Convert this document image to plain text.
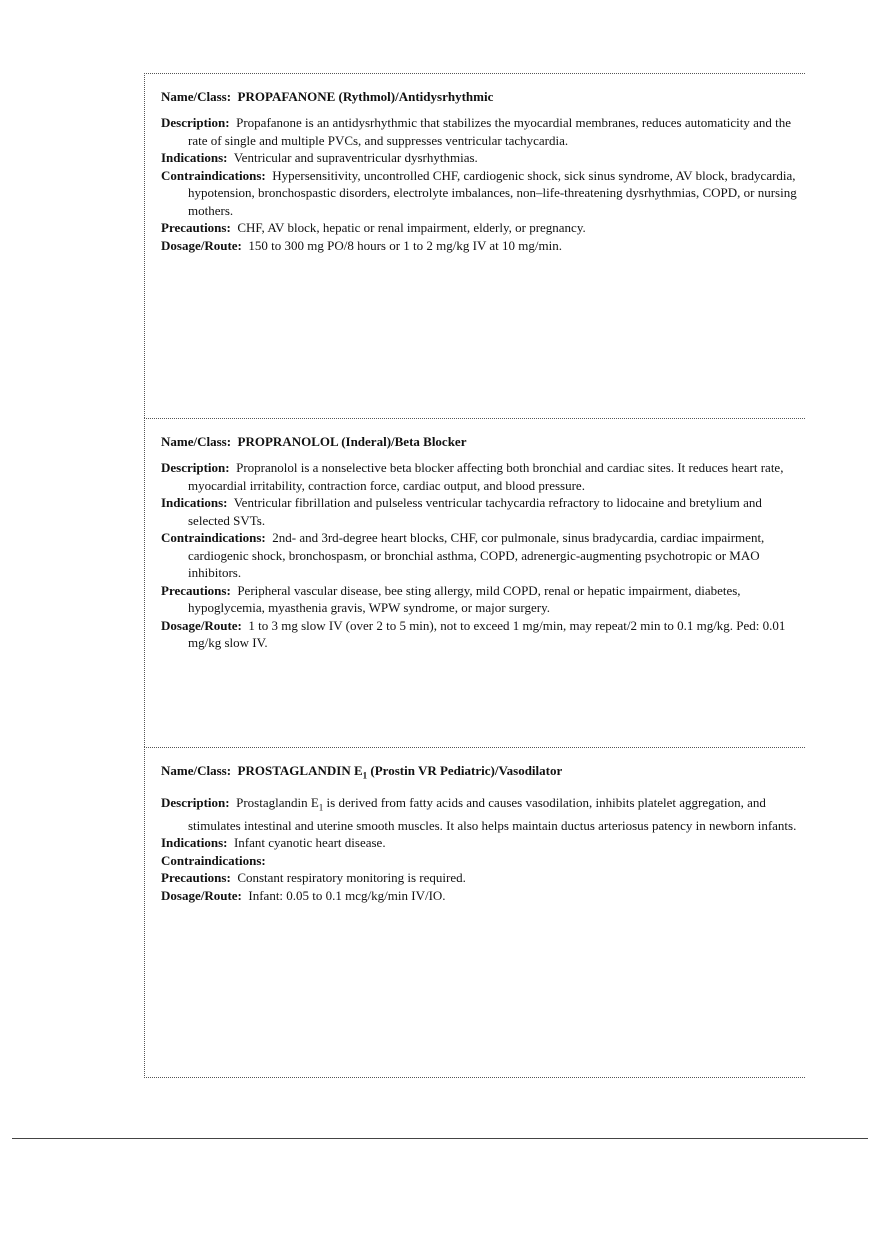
Name/Class: PROPAFANONE (Rythmol)/Antidysrhythmic

Description: Propafanone is an antidysrhythmic that stabilizes the myocardial membranes, reduces automaticity and the rate of single and multiple PVCs, and suppresses ventricular tachycardia.

Indications: Ventricular and supraventricular dysrhythmias.

Contraindications: Hypersensitivity, uncontrolled CHF, cardiogenic shock, sick sinus syndrome, AV block, bradycardia, hypotension, bronchospastic disorders, electrolyte imbalances, non–life-threatening dysrhythmias, COPD, or nursing mothers.

Precautions: CHF, AV block, hepatic or renal impairment, elderly, or pregnancy.

Dosage/Route: 150 to 300 mg PO/8 hours or 1 to 2 mg/kg IV at 10 mg/min.

Name/Class: PROPRANOLOL (Inderal)/Beta Blocker

Description: Propranolol is a nonselective beta blocker affecting both bronchial and cardiac sites. It reduces heart rate, myocardial irritability, contraction force, cardiac output, and blood pressure.

Indications: Ventricular fibrillation and pulseless ventricular tachycardia refractory to lidocaine and bretylium and selected SVTs.

Contraindications: 2nd- and 3rd-degree heart blocks, CHF, cor pulmonale, sinus bradycardia, cardiac impairment, cardiogenic shock, bronchospasm, or bronchial asthma, COPD, adrenergic-augmenting psychotropic or MAO inhibitors.

Precautions: Peripheral vascular disease, bee sting allergy, mild COPD, renal or hepatic impairment, diabetes, hypoglycemia, myasthenia gravis, WPW syndrome, or major surgery.

Dosage/Route: 1 to 3 mg slow IV (over 2 to 5 min), not to exceed 1 mg/min, may repeat/2 min to 0.1 mg/kg. Ped: 0.01 mg/kg slow IV.

Name/Class: PROSTAGLANDIN $E_1$ (Prostin VR Pediatric)/Vasodilator

Description: Prostaglandin $E_1$ is derived from fatty acids and causes vasodilation, inhibits platelet aggregation, and stimulates intestinal and uterine smooth muscles. It also helps maintain ductus arteriosus patency in newborn infants.

Indications: Infant cyanotic heart disease.

Contraindications:

Precautions: Constant respiratory monitoring is required.

Dosage/Route: Infant: 0.05 to 0.1 mcg/kg/min IV/IO.
